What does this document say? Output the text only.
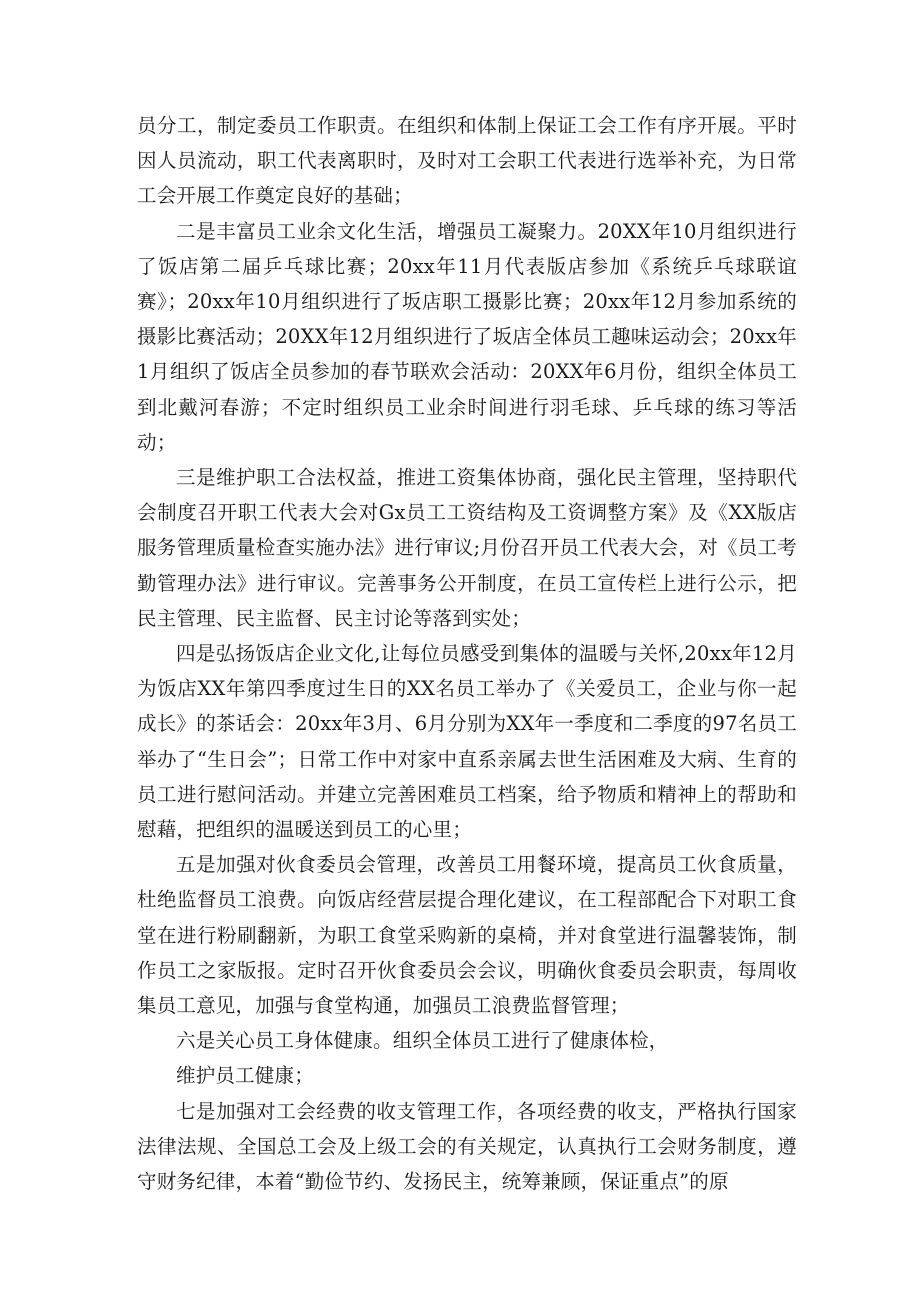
员分工，制定委员工作职责。在组织和体制上保证工会工作有序开展。平时因人员流动，职工代表离职时，及时对工会职工代表进行选举补充，为日常工会开展工作奠定良好的基础；

二是丰富员工业余文化生活，增强员工凝聚力。20XX年10月组织进行了饭店第二届乒乓球比赛；20xx年11月代表版店参加《系统乒乓球联谊赛》；20xx年10月组织进行了坂店职工摄影比赛；20xx年12月参加系统的摄影比赛活动；20XX年12月组织进行了坂店全体员工趣味运动会；20xx年1月组织了饭店全员参加的春节联欢会活动：20XX年6月份，组织全体员工到北戴河春游；不定时组织员工业余时间进行羽毛球、乒乓球的练习等活动；

三是维护职工合法权益，推进工资集体协商，强化民主管理，坚持职代会制度召开职工代表大会对Gx员工工资结构及工资调整方案》及《XX版店服务管理质量检查实施办法》进行审议;月份召开员工代表大会，对《员工考勤管理办法》进行审议。完善事务公开制度，在员工宣传栏上进行公示，把民主管理、民主监督、民主讨论等落到实处；

四是弘扬饭店企业文化,让每位员感受到集体的温暖与关怀,20xx年12月为饭店XX年第四季度过生日的XX名员工举办了《关爱员工，企业与你一起成长》的茶话会：20xx年3月、6月分别为XX年一季度和二季度的97名员工举办了“生日会”；日常工作中对家中直系亲属去世生活困难及大病、生育的员工进行慰问活动。并建立完善困难员工档案，给予物质和精神上的帮助和慰藉，把组织的温暖送到员工的心里；

五是加强对伙食委员会管理，改善员工用餐环境，提高员工伙食质量，杜绝监督员工浪费。向饭店经营层提合理化建议，在工程部配合下对职工食堂在进行粉刷翻新，为职工食堂采购新的桌椅，并对食堂进行温馨装饰，制作员工之家版报。定时召开伙食委员会会议，明确伙食委员会职责，每周收集员工意见，加强与食堂构通，加强员工浪费监督管理；

六是关心员工身体健康。组织全体员工进行了健康体检，

维护员工健康；

七是加强对工会经费的收支管理工作，各项经费的收支，严格执行国家法律法规、全国总工会及上级工会的有关规定，认真执行工会财务制度，遵守财务纪律，本着“勤俭节约、发扬民主，统筹兼顾，保证重点”的原
